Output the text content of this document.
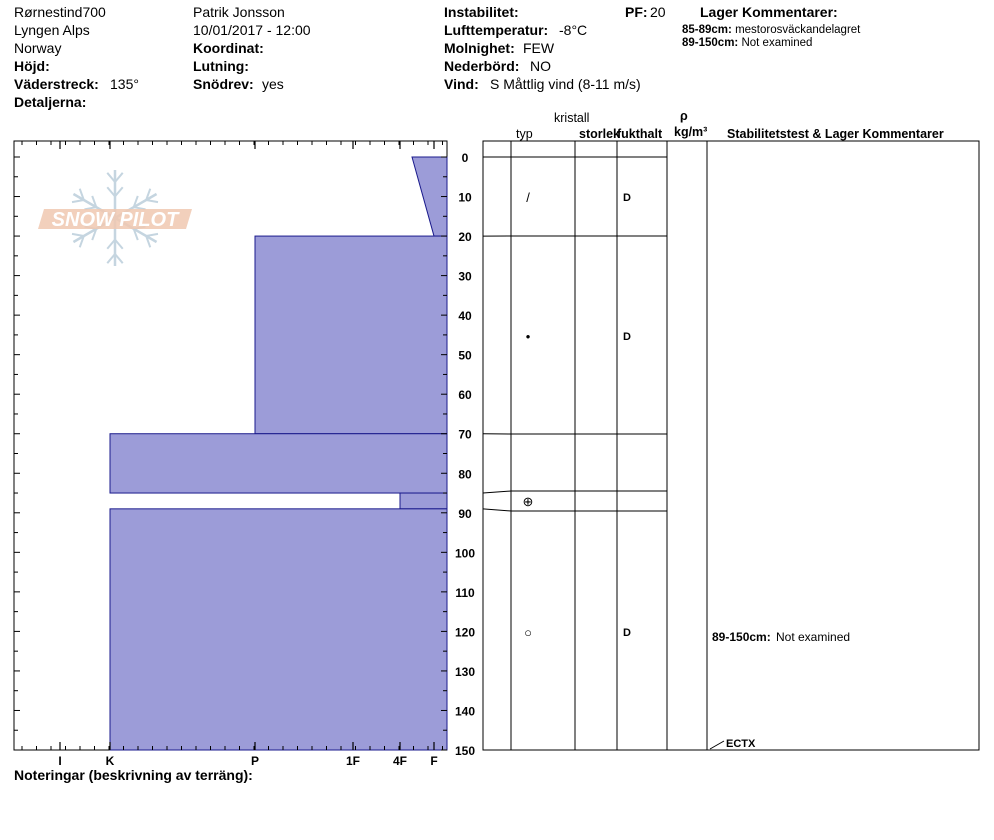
Rørnestind700
Lyngen Alps
Norway
Höjd:
Väderstreck: 135°
Detaljerna:
Patrik Jonsson
10/01/2017 - 12:00
Koordinat:
Lutning:
Snödrev: yes
Instabilitet:
Lufttemperatur: -8°C
Molnighet: FEW
Nederbörd: NO
Vind: S Måttlig vind (8-11 m/s)
PF: 20 Lager Kommentarer:
85-89cm: mestorosväckandelagret
89-150cm: Not examined
kristall
typ	storlek
fukthalt
ρ
kg/m³ Stabilitetstest & Lager Kommentarer
SNOW PILOT
I	K	P	1F	4F F
0
10
20
30
40
50
60
70
80
90
100
110
120
130
140
150
/	D
•	D
⊕
○	D	89-150cm: Not examined
ECTX
Noteringar (beskrivning av terräng):
